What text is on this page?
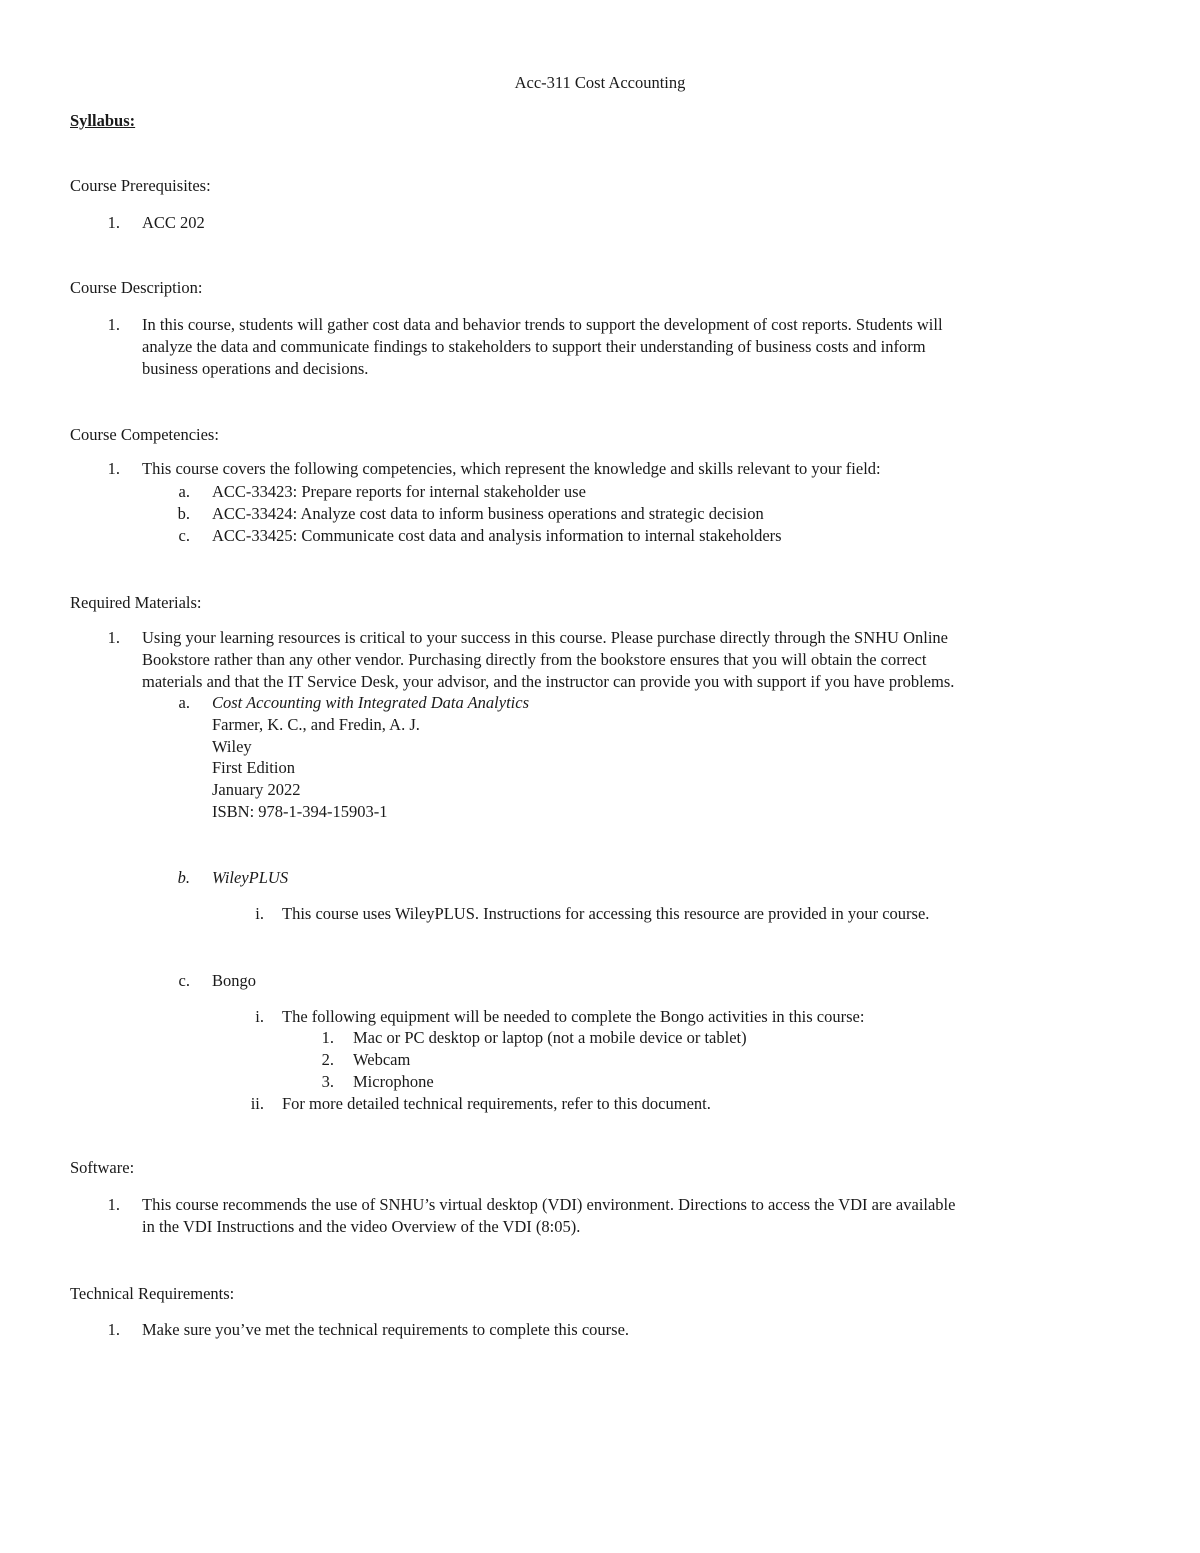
Acc-311 Cost Accounting
Syllabus:
Course Prerequisites:
1. ACC 202
Course Description:
1. In this course, students will gather cost data and behavior trends to support the development of cost reports. Students will
analyze the data and communicate findings to stakeholders to support their understanding of business costs and inform
business operations and decisions.
Course Competencies:
1. This course covers the following competencies, which represent the knowledge and skills relevant to your field:
a. ACC-33423: Prepare reports for internal stakeholder use
b. ACC-33424: Analyze cost data to inform business operations and strategic decision
c. ACC-33425: Communicate cost data and analysis information to internal stakeholders
Required Materials:
1. Using your learning resources is critical to your success in this course. Please purchase directly through the SNHU Online
Bookstore rather than any other vendor. Purchasing directly from the bookstore ensures that you will obtain the correct
materials and that the IT Service Desk, your advisor, and the instructor can provide you with support if you have problems.
a. Cost Accounting with Integrated Data Analytics
Farmer, K. C., and Fredin, A. J.
Wiley
First Edition
January 2022
ISBN: 978-1-394-15903-1
b. WileyPLUS
i. This course uses WileyPLUS. Instructions for accessing this resource are provided in your course.
c. Bongo
i. The following equipment will be needed to complete the Bongo activities in this course:
1. Mac or PC desktop or laptop (not a mobile device or tablet)
2. Webcam
3. Microphone
ii. For more detailed technical requirements, refer to this document.
Software:
1. This course recommends the use of SNHU’s virtual desktop (VDI) environment. Directions to access the VDI are available
in the VDI Instructions and the video Overview of the VDI (8:05).
Technical Requirements:
1. Make sure you’ve met the technical requirements to complete this course.
